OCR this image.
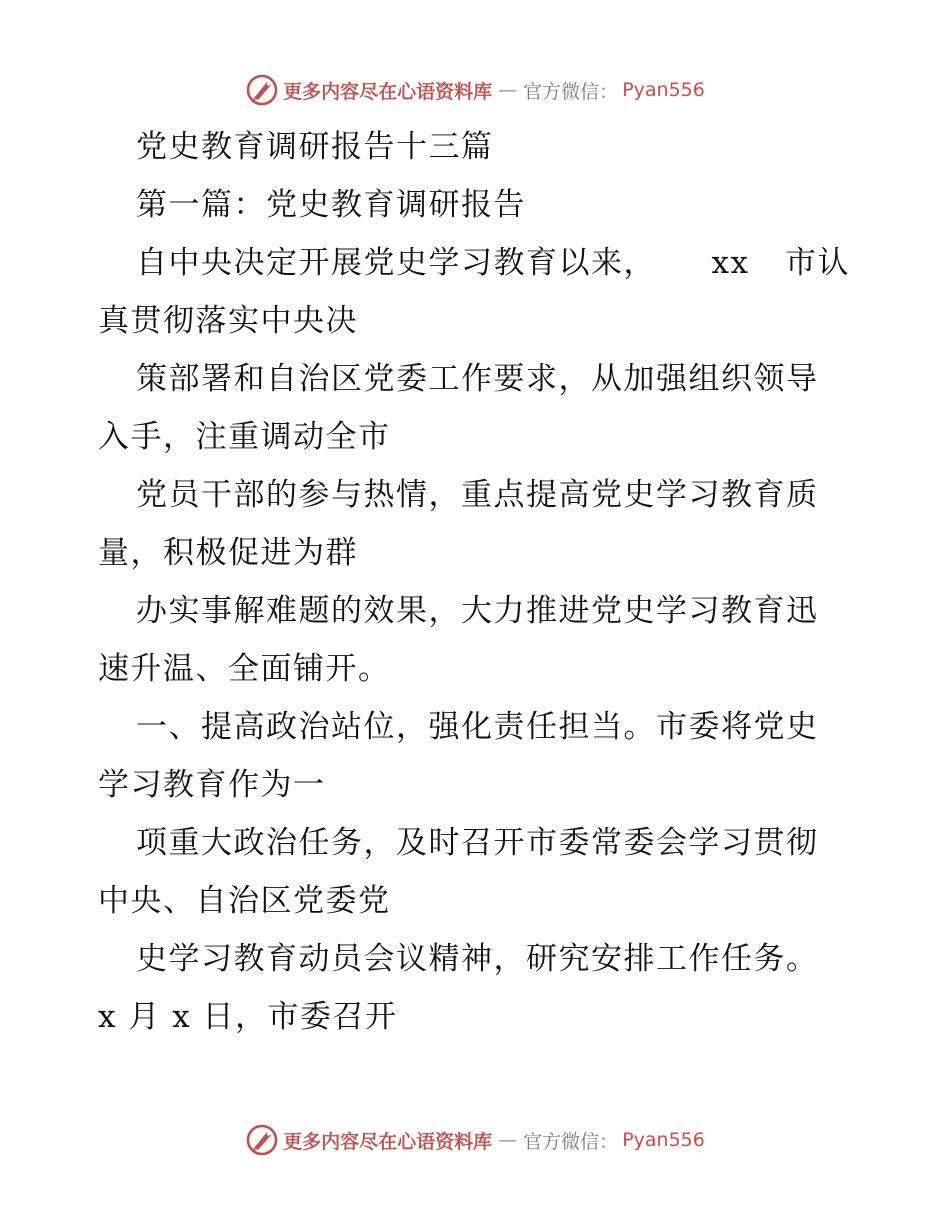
更多内容尽在心语资料库 — 官方微信： Pyan556
党史教育调研报告十三篇
第一篇：党史教育调研报告
自中央决定开展党史学习教育以来， xx 市认
真贯彻落实中央决
策部署和自治区党委工作要求，从加强组织领导
入手，注重调动全市
党员干部的参与热情，重点提高党史学习教育质
量，积极促进为群
办实事解难题的效果，大力推进党史学习教育迅
速升温、全面铺开。
一、提高政治站位，强化责任担当。市委将党史
学习教育作为一
项重大政治任务，及时召开市委常委会学习贯彻
中央、自治区党委党
史学习教育动员会议精神，研究安排工作任务。
x 月 x 日，市委召开
更多内容尽在心语资料库 — 官方微信： Pyan556
